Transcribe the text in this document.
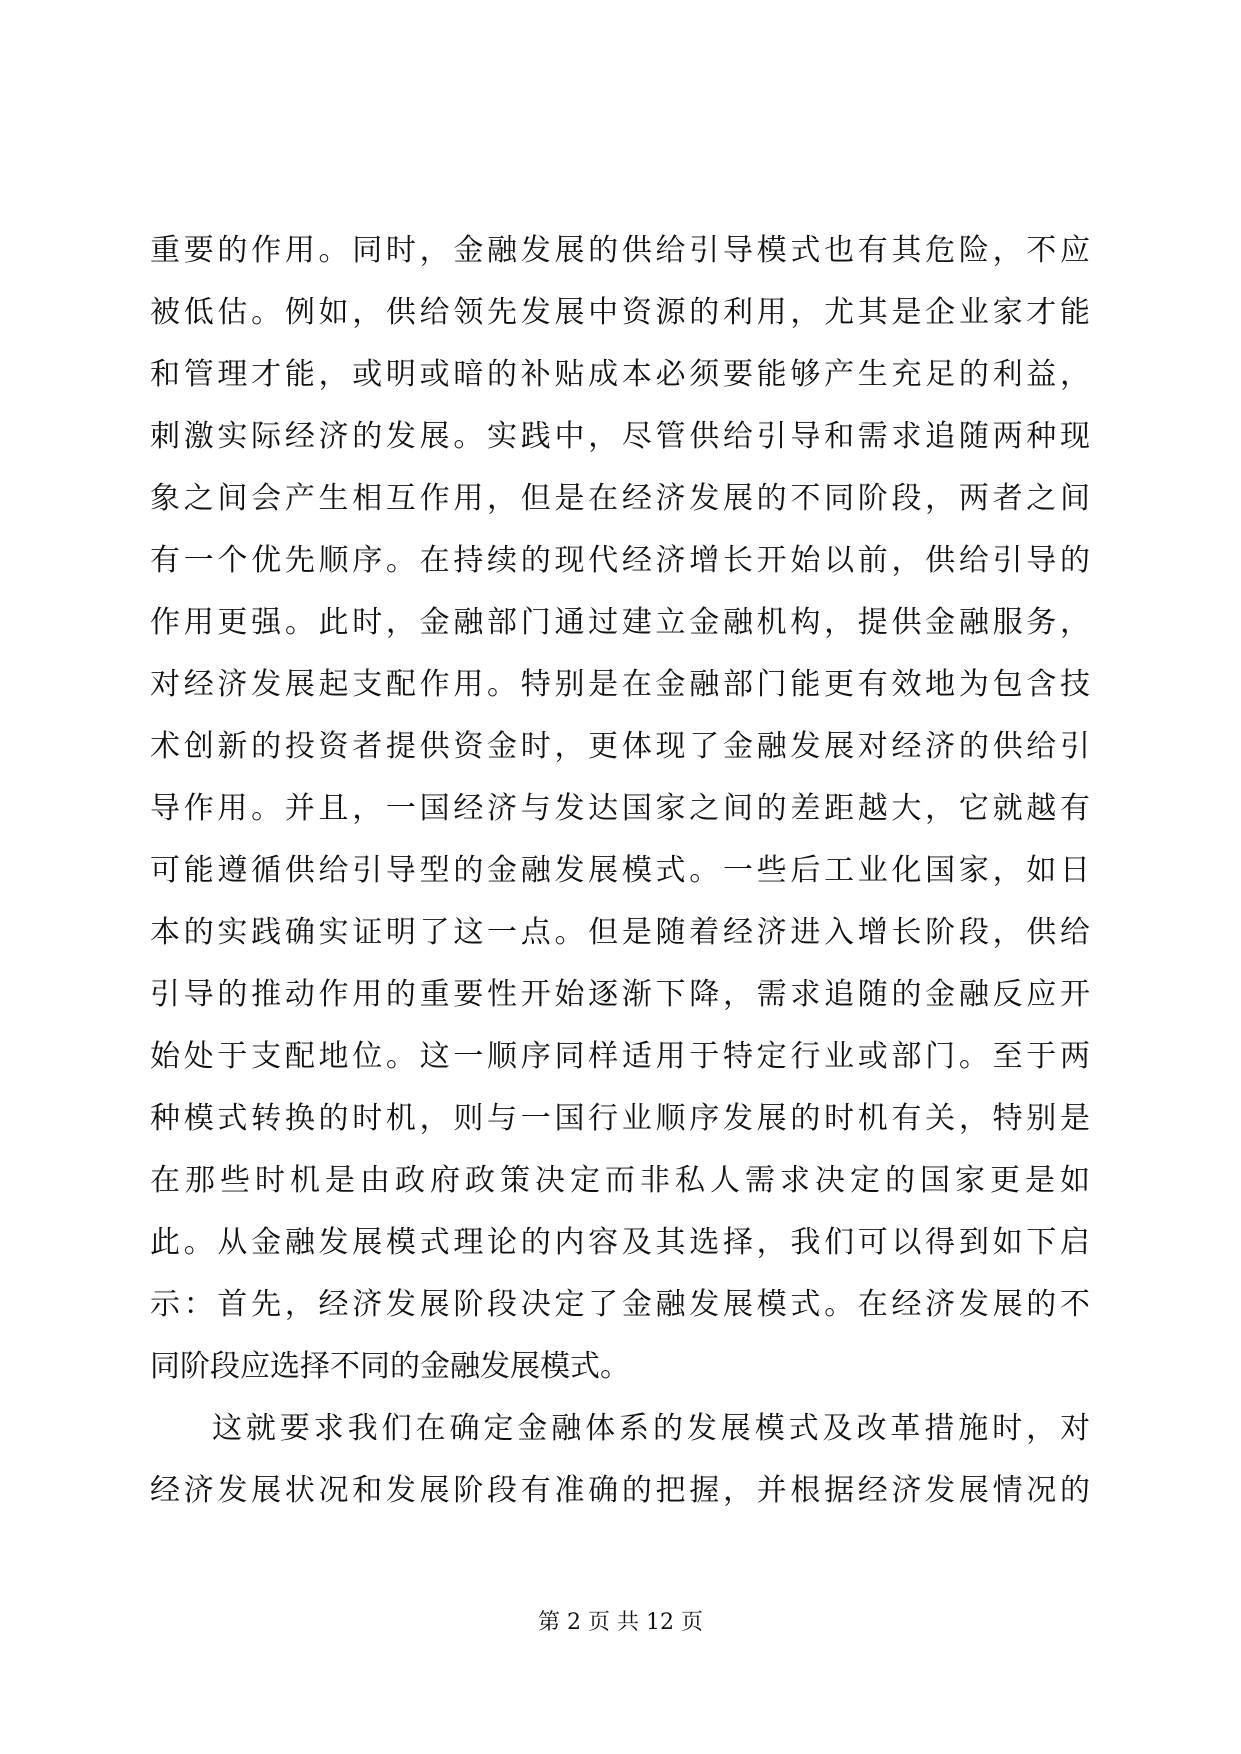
重要的作用。同时，金融发展的供给引导模式也有其危险，不应
被低估。例如，供给领先发展中资源的利用，尤其是企业家才能
和管理才能，或明或暗的补贴成本必须要能够产生充足的利益，
刺激实际经济的发展。实践中，尽管供给引导和需求追随两种现
象之间会产生相互作用，但是在经济发展的不同阶段，两者之间
有一个优先顺序。在持续的现代经济增长开始以前，供给引导的
作用更强。此时，金融部门通过建立金融机构，提供金融服务，
对经济发展起支配作用。特别是在金融部门能更有效地为包含技
术创新的投资者提供资金时，更体现了金融发展对经济的供给引
导作用。并且，一国经济与发达国家之间的差距越大，它就越有
可能遵循供给引导型的金融发展模式。一些后工业化国家，如日
本的实践确实证明了这一点。但是随着经济进入增长阶段，供给
引导的推动作用的重要性开始逐渐下降，需求追随的金融反应开
始处于支配地位。这一顺序同样适用于特定行业或部门。至于两
种模式转换的时机，则与一国行业顺序发展的时机有关，特别是
在那些时机是由政府政策决定而非私人需求决定的国家更是如
此。从金融发展模式理论的内容及其选择，我们可以得到如下启
示：首先，经济发展阶段决定了金融发展模式。在经济发展的不
同阶段应选择不同的金融发展模式。
这就要求我们在确定金融体系的发展模式及改革措施时，对
经济发展状况和发展阶段有准确的把握，并根据经济发展情况的
第 2 页 共 12 页
